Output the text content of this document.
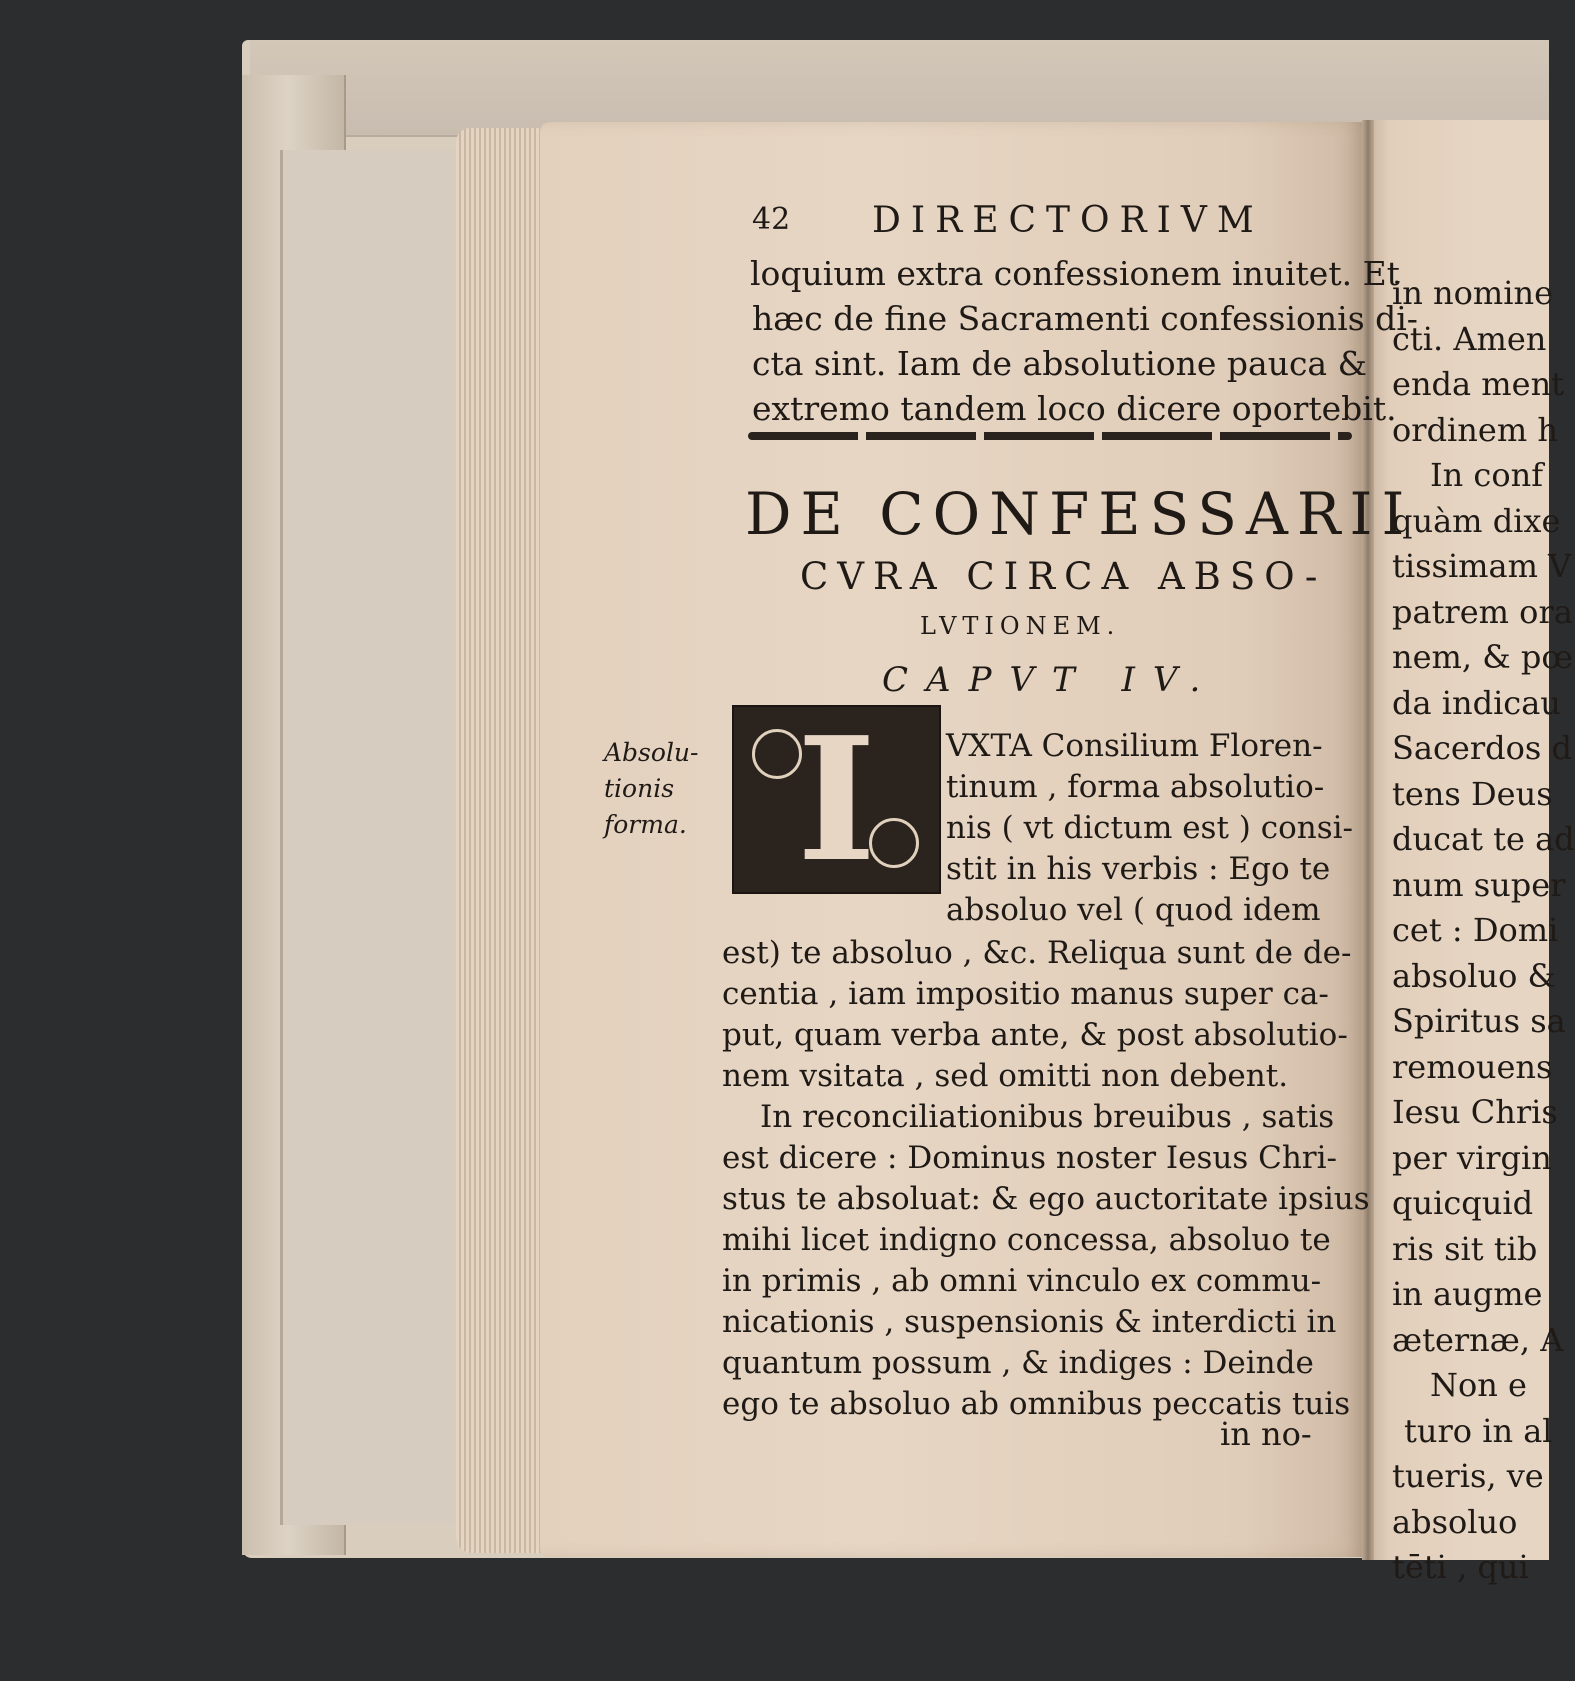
42 DIRECTORIVM
loquium extra confessionem inuitet. Et
hæc de fine Sacramenti confessionis di-
cta sint. Iam de absolutione pauca &
extremo tandem loco dicere oportebit.
DE CONFESSARII
CVRA CIRCA ABSO-
LVTIONEM.
CAPVT IV.
Absolu-tionis forma. I	VXTA Consilium Floren-
tinum , forma absolutio-
nis ( vt dictum est ) consi-
stit in his verbis : Ego te
absoluo vel ( quod idem
est) te absoluo , &c. Reliqua sunt de de-
centia , iam impositio manus super ca-
put, quam verba ante, & post absolutio-
nem vsitata , sed omitti non debent.
In reconciliationibus breuibus , satis
est dicere : Dominus noster Iesus Chri-
stus te absoluat: & ego auctoritate ipsius
mihi licet indigno concessa, absoluo te
in primis , ab omni vinculo ex commu-
nicationis , suspensionis & interdicti in
quantum possum , & indiges : Deinde
ego te absoluo ab omnibus peccatis tuis
in no-
in nomine
cti. Amen
enda ment
ordinem h
In conf
quàm dixe
tissimam V
patrem ora
nem, & pœ
da indicau
Sacerdos d
tens Deus
ducat te ad
num super
cet : Domi
absoluo &
Spiritus sa
remouens
Iesu Chris
per virgin
quicquid
ris sit tib
in augme
æternæ, A
Non e
turo in al
tueris, ve
absoluo
tēti , qui
